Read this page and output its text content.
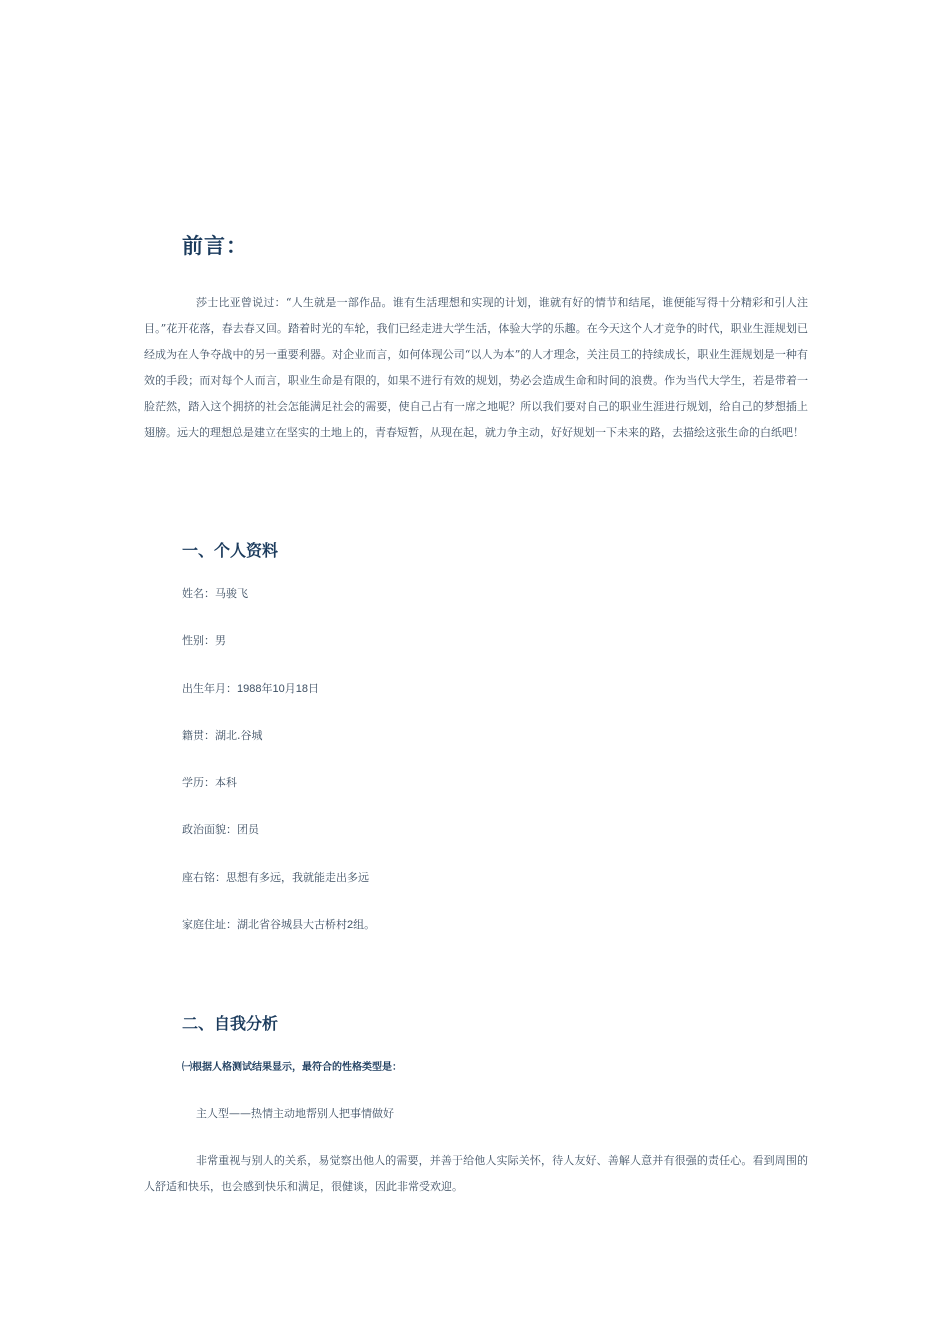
前言：

莎士比亚曾说过：“人生就是一部作品。谁有生活理想和实现的计划，谁就有好的情节和结尾，谁便能写得十分精彩和引人注目。”花开花落，春去春又回。踏着时光的车轮，我们已经走进大学生活，体验大学的乐趣。在今天这个人才竞争的时代，职业生涯规划已经成为在人争夺战中的另一重要利器。对企业而言，如何体现公司“以人为本”的人才理念，关注员工的持续成长，职业生涯规划是一种有效的手段；而对每个人而言，职业生命是有限的，如果不进行有效的规划，势必会造成生命和时间的浪费。作为当代大学生，若是带着一脸茫然，踏入这个拥挤的社会怎能满足社会的需要，使自己占有一席之地呢？所以我们要对自己的职业生涯进行规划，给自己的梦想插上翅膀。远大的理想总是建立在坚实的土地上的，青春短暂，从现在起，就力争主动，好好规划一下未来的路，去描绘这张生命的白纸吧！

一、个人资料
姓名：马骏飞
性别：男
出生年月：1988年10月18日
籍贯：湖北.谷城
学历：本科
政治面貌：团员
座右铭：思想有多远，我就能走出多远
家庭住址：湖北省谷城县大古桥村2组。
二、自我分析

㈠根据人格测试结果显示，最符合的性格类型是：

主人型——热情主动地帮别人把事情做好

非常重视与别人的关系，易觉察出他人的需要，并善于给他人实际关怀，待人友好、善解人意并有很强的责任心。看到周围的人舒适和快乐，也会感到快乐和满足，很健谈，因此非常受欢迎。
